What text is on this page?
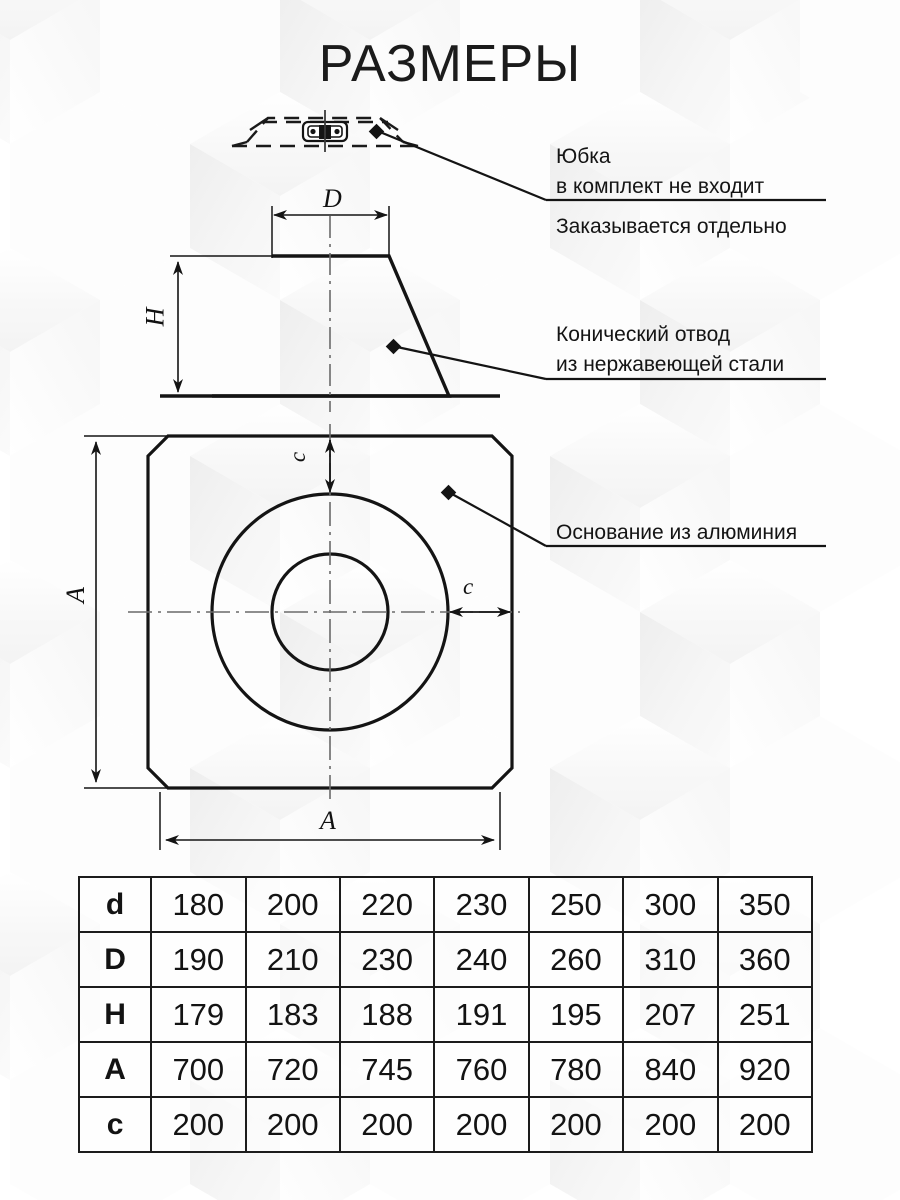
РАЗМЕРЫ
Юбка
в комплект не входит
Заказывается отдельно
Конический отвод
из нержавеющей стали
Основание из алюминия
D
H
A
A
c
c
d	180	200	220	230	250	300	350
D	190	210	230	240	260	310	360
H	179	183	188	191	195	207	251
A	700	720	745	760	780	840	920
c	200	200	200	200	200	200	200
